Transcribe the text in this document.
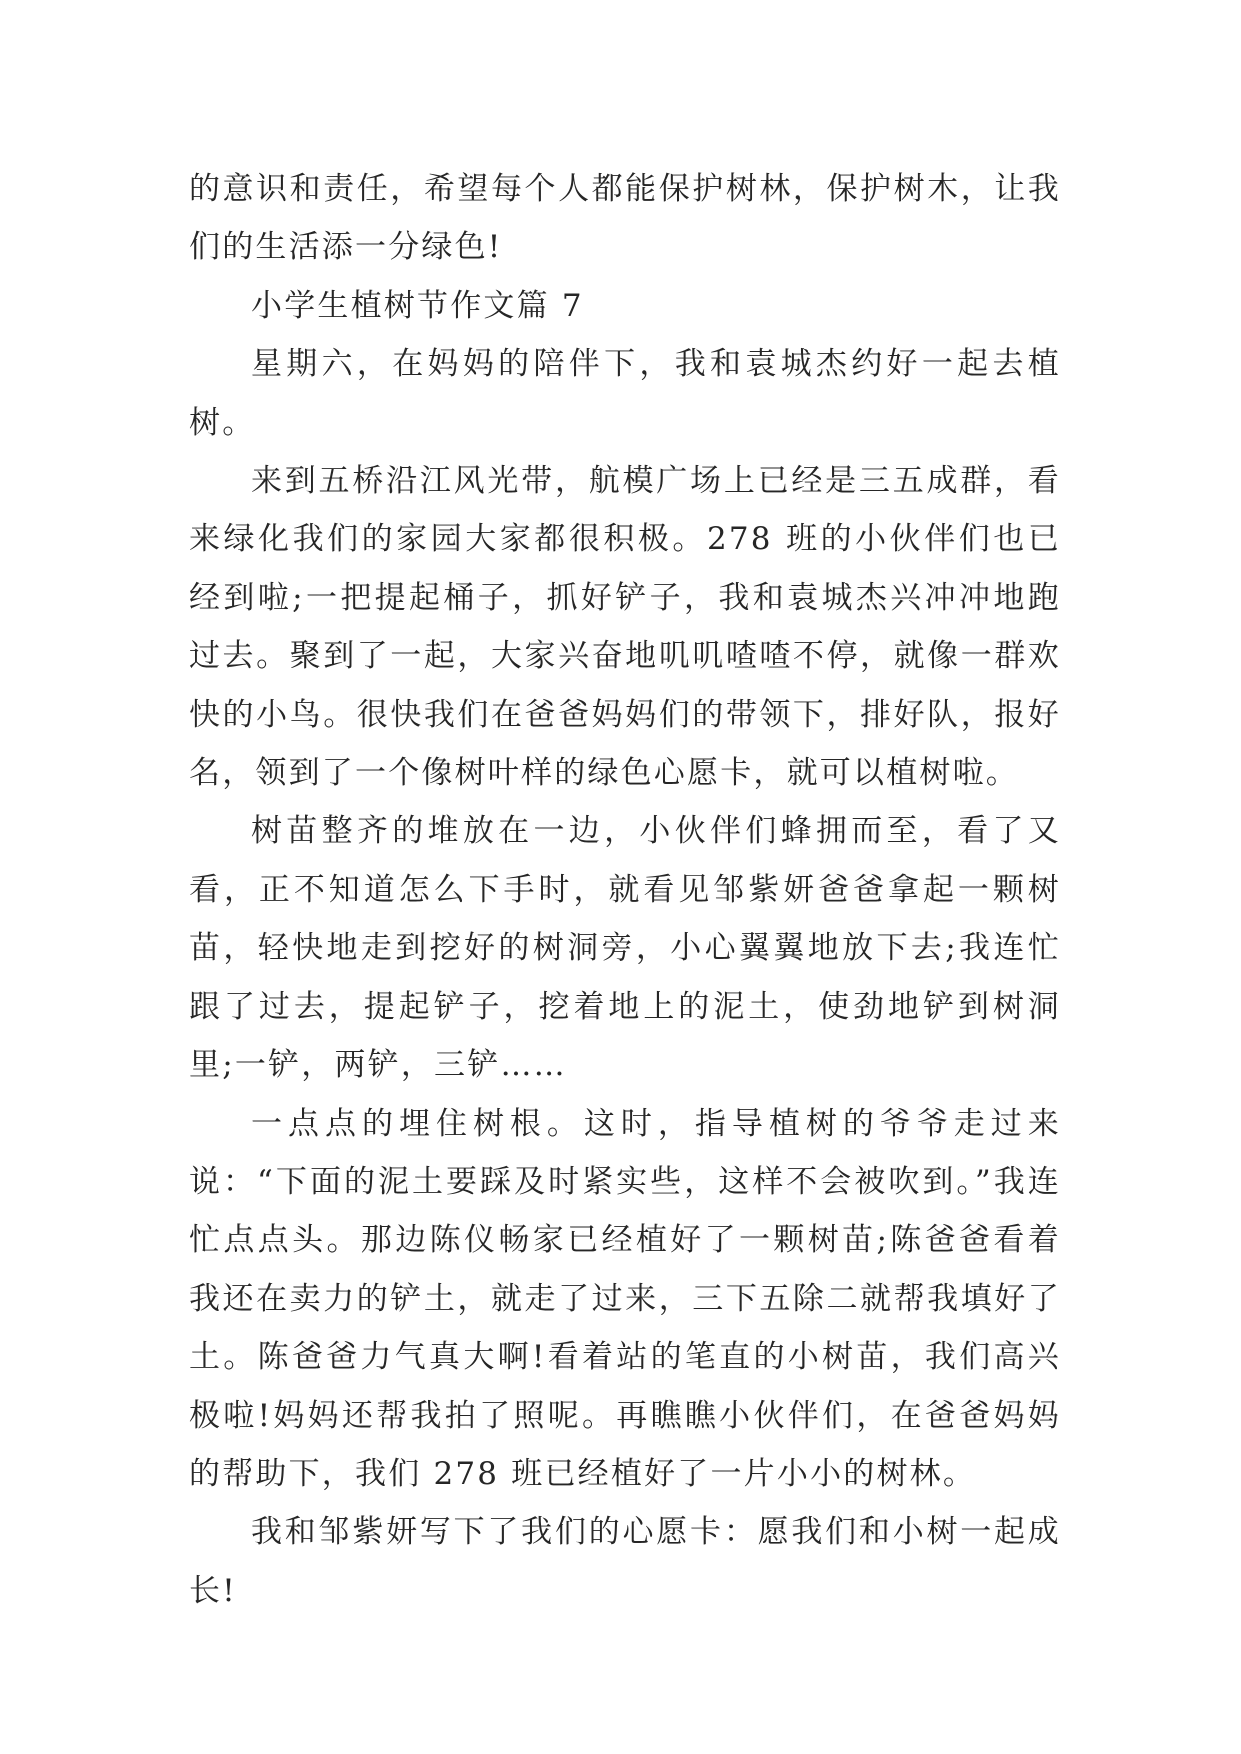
的意识和责任，希望每个人都能保护树林，保护树木，让我们的生活添一分绿色!

小学生植树节作文篇 7

星期六，在妈妈的陪伴下，我和袁城杰约好一起去植树。

来到五桥沿江风光带，航模广场上已经是三五成群，看来绿化我们的家园大家都很积极。278 班的小伙伴们也已经到啦;一把提起桶子，抓好铲子，我和袁城杰兴冲冲地跑过去。聚到了一起，大家兴奋地叽叽喳喳不停，就像一群欢快的小鸟。很快我们在爸爸妈妈们的带领下，排好队，报好名，领到了一个像树叶样的绿色心愿卡，就可以植树啦。

树苗整齐的堆放在一边，小伙伴们蜂拥而至，看了又看，正不知道怎么下手时，就看见邹紫妍爸爸拿起一颗树苗，轻快地走到挖好的树洞旁，小心翼翼地放下去;我连忙跟了过去，提起铲子，挖着地上的泥土，使劲地铲到树洞里;一铲，两铲，三铲……

一点点的埋住树根。这时，指导植树的爷爷走过来说：“下面的泥土要踩及时紧实些，这样不会被吹到。”我连忙点点头。那边陈仪畅家已经植好了一颗树苗;陈爸爸看着我还在卖力的铲土，就走了过来，三下五除二就帮我填好了土。陈爸爸力气真大啊!看着站的笔直的小树苗，我们高兴极啦!妈妈还帮我拍了照呢。再瞧瞧小伙伴们，在爸爸妈妈的帮助下，我们 278 班已经植好了一片小小的树林。

我和邹紫妍写下了我们的心愿卡：愿我们和小树一起成长!
